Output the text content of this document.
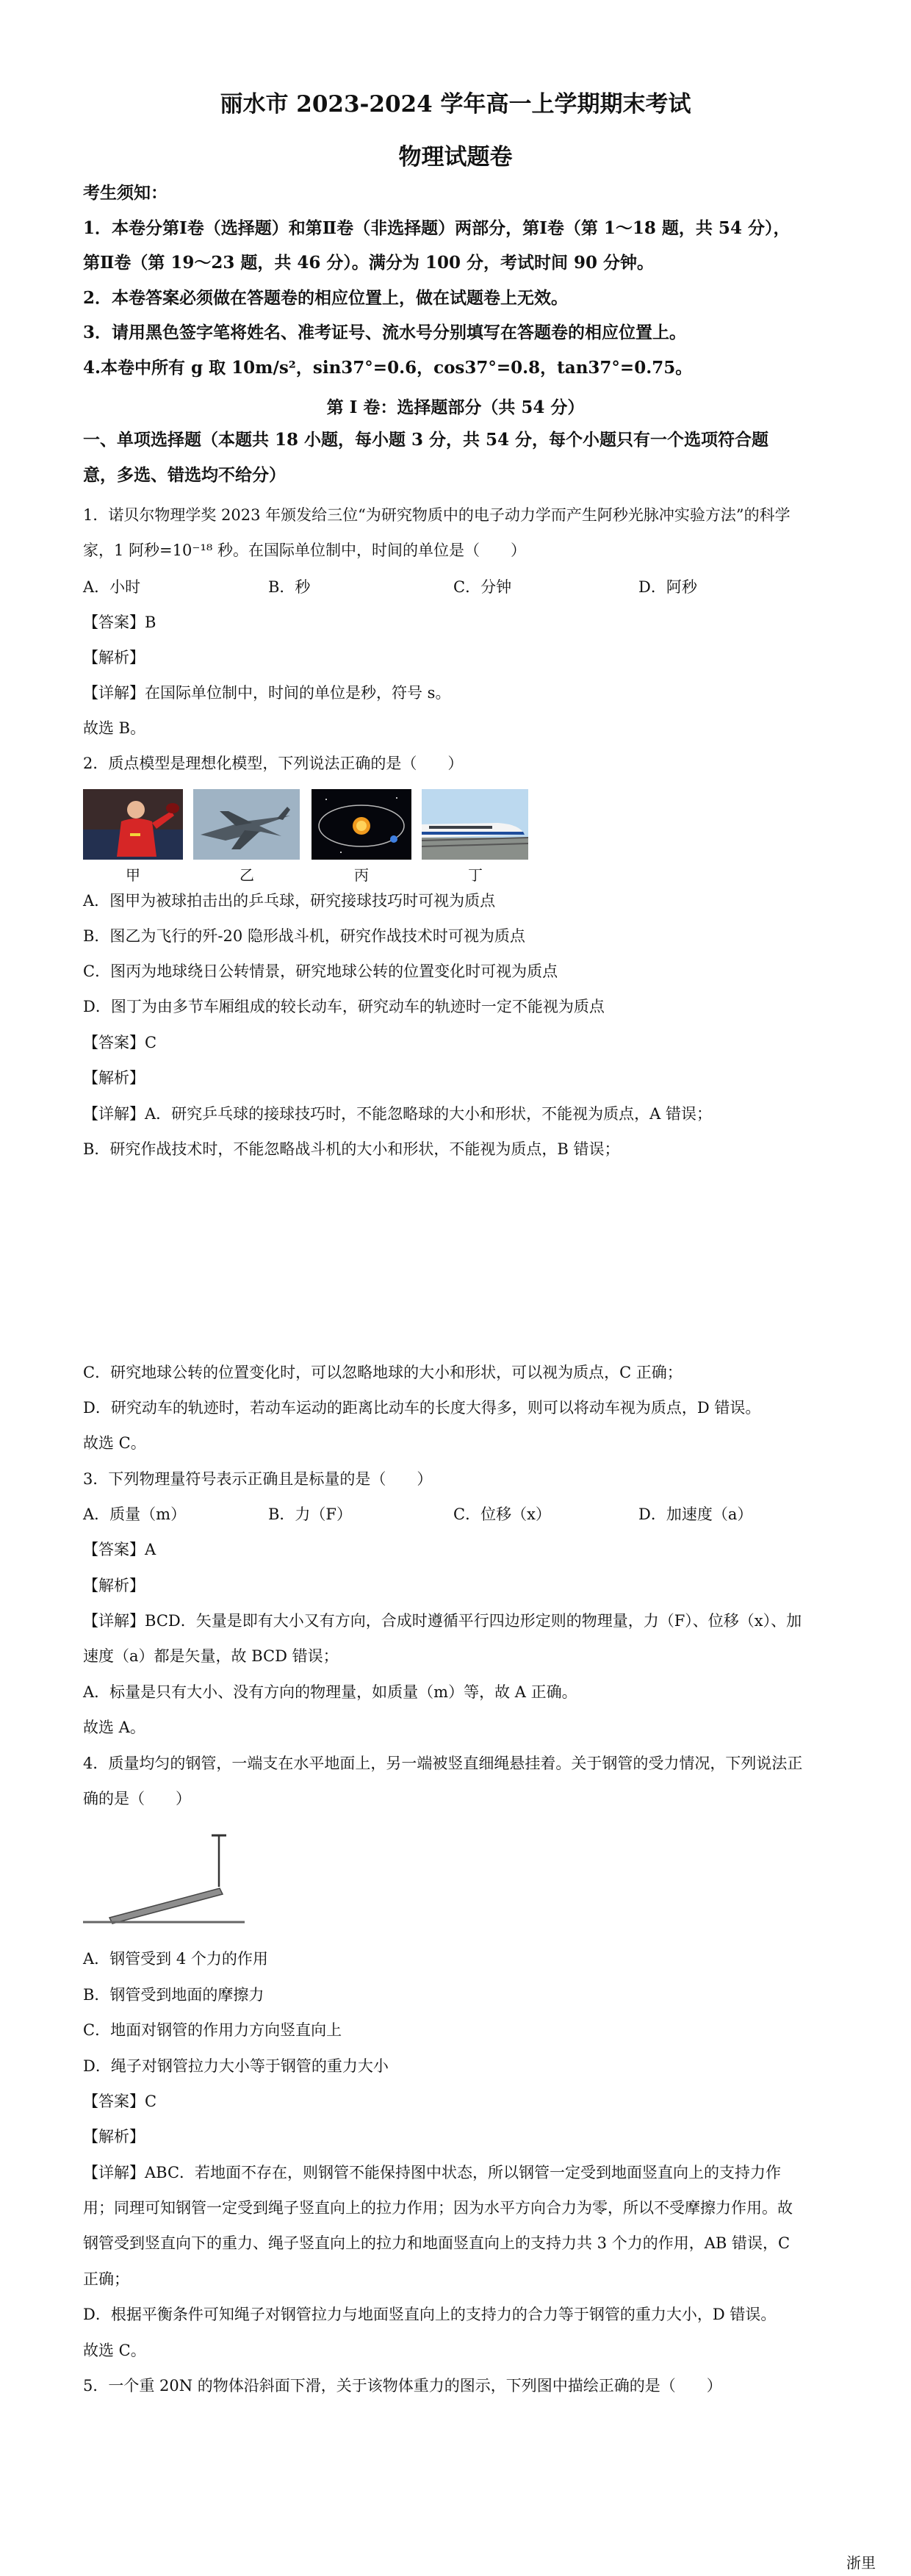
丽水市 2023-2024 学年高一上学期期末考试
物理试题卷
考生须知：
1．本卷分第Ⅰ卷（选择题）和第Ⅱ卷（非选择题）两部分，第Ⅰ卷（第 1～18 题，共 54 分），
第Ⅱ卷（第 19～23 题，共 46 分）。满分为 100 分，考试时间 90 分钟。
2．本卷答案必须做在答题卷的相应位置上，做在试题卷上无效。
3．请用黑色签字笔将姓名、准考证号、流水号分别填写在答题卷的相应位置上。
4.本卷中所有 g 取 10m/s²，sin37°=0.6，cos37°=0.8，tan37°=0.75。
第 Ⅰ 卷：选择题部分（共 54 分）
一、单项选择题（本题共 18 小题，每小题 3 分，共 54 分，每个小题只有一个选项符合题
意，多选、错选均不给分）
1．诺贝尔物理学奖 2023 年颁发给三位“为研究物质中的电子动力学而产生阿秒光脉冲实验方法”的科学
家，1 阿秒=10⁻¹⁸ 秒。在国际单位制中，时间的单位是（　　）
A．小时	B．秒	C．分钟	D．阿秒
【答案】B
【解析】
【详解】在国际单位制中，时间的单位是秒，符号 s。
故选 B。
2．质点模型是理想化模型，下列说法正确的是（　　）
甲	乙	丙	丁
A．图甲为被球拍击出的乒乓球，研究接球技巧时可视为质点
B．图乙为飞行的歼-20 隐形战斗机，研究作战技术时可视为质点
C．图丙为地球绕日公转情景，研究地球公转的位置变化时可视为质点
D．图丁为由多节车厢组成的较长动车，研究动车的轨迹时一定不能视为质点
【答案】C
【解析】
【详解】A．研究乒乓球的接球技巧时，不能忽略球的大小和形状，不能视为质点，A 错误；
B．研究作战技术时，不能忽略战斗机的大小和形状，不能视为质点，B 错误；
C．研究地球公转的位置变化时，可以忽略地球的大小和形状，可以视为质点，C 正确；
D．研究动车的轨迹时，若动车运动的距离比动车的长度大得多，则可以将动车视为质点，D 错误。
故选 C。
3．下列物理量符号表示正确且是标量的是（　　）
A．质量（m）	B．力（F）	C．位移（x）	D．加速度（a）
【答案】A
【解析】
【详解】BCD．矢量是即有大小又有方向，合成时遵循平行四边形定则的物理量，力（F）、位移（x）、加
速度（a）都是矢量，故 BCD 错误；
A．标量是只有大小、没有方向的物理量，如质量（m）等，故 A 正确。
故选 A。
4．质量均匀的钢管，一端支在水平地面上，另一端被竖直细绳悬挂着。关于钢管的受力情况，下列说法正
确的是（　　）
A．钢管受到 4 个力的作用
B．钢管受到地面的摩擦力
C．地面对钢管的作用力方向竖直向上
D．绳子对钢管拉力大小等于钢管的重力大小
【答案】C
【解析】
【详解】ABC．若地面不存在，则钢管不能保持图中状态，所以钢管一定受到地面竖直向上的支持力作
用；同理可知钢管一定受到绳子竖直向上的拉力作用；因为水平方向合力为零，所以不受摩擦力作用。故
钢管受到竖直向下的重力、绳子竖直向上的拉力和地面竖直向上的支持力共 3 个力的作用，AB 错误，C
正确；
D．根据平衡条件可知绳子对钢管拉力与地面竖直向上的支持力的合力等于钢管的重力大小，D 错误。
故选 C。
5．一个重 20N 的物体沿斜面下滑，关于该物体重力的图示，下列图中描绘正确的是（　　）
浙里
